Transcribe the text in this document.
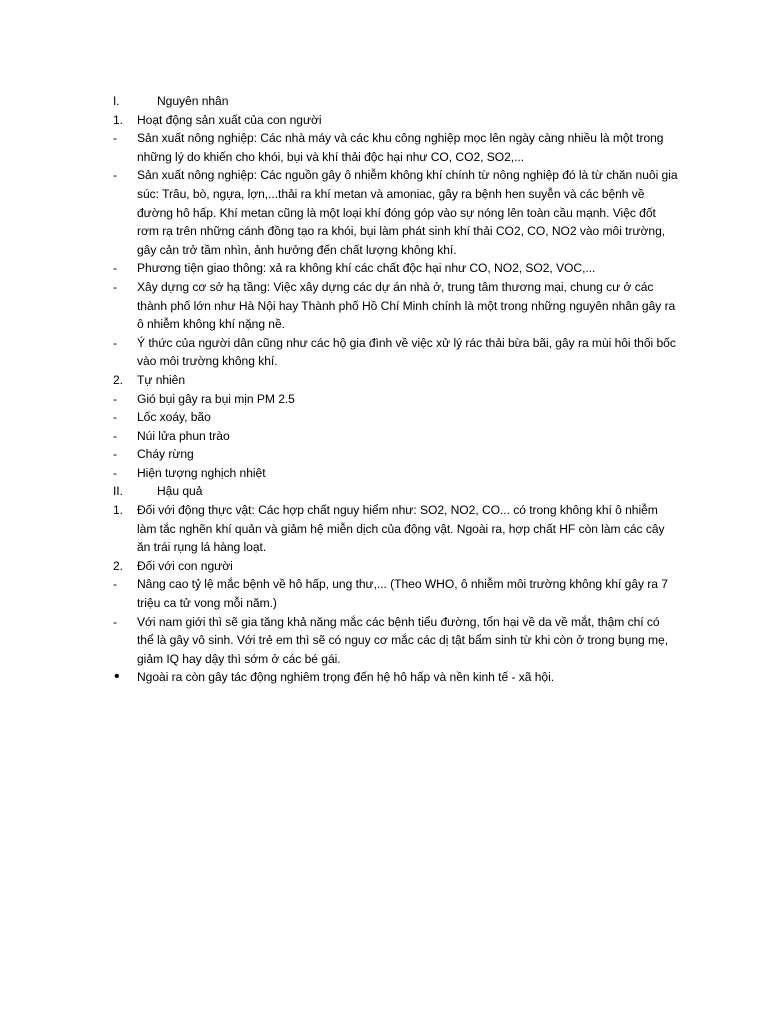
I.	Nguyên nhân
1.	Hoạt động sản xuất của con người
-	Sản xuất nông nghiệp: Các nhà máy và các khu công nghiệp mọc lên ngày càng nhiều là một trong những lý do khiến cho khói, bụi và khí thải độc hại như CO, CO2, SO2,...
-	Sản xuất nông nghiệp: Các nguồn gây ô nhiễm không khí chính từ nông nghiệp đó là từ chăn nuôi gia súc: Trâu, bò, ngựa, lợn,...thải ra khí metan và amoniac, gây ra bệnh hen suyễn và các bệnh về đường hô hấp. Khí metan cũng là một loại khí đóng góp vào sự nóng lên toàn cầu mạnh. Việc đốt rơm rạ trên những cánh đồng tạo ra khói, bụi làm phát sinh khí thải CO2, CO, NO2 vào môi trường, gây cản trở tầm nhìn, ảnh hưởng đến chất lượng không khí.
-	Phương tiện giao thông: xả ra không khí các chất độc hại như CO, NO2, SO2, VOC,...
-	Xây dựng cơ sở hạ tầng: Việc xây dựng các dự án nhà ở, trung tâm thương mại, chung cư ở các thành phố lớn như Hà Nội hay Thành phố Hồ Chí Minh chính là một trong những nguyên nhân gây ra ô nhiễm không khí nặng nề.
-	Ý thức của người dân cũng như các hộ gia đình về việc xử lý rác thải bừa bãi, gây ra mùi hôi thối bốc vào môi trường không khí.
2.	Tự nhiên
-	Gió bụi gây ra bụi mịn PM 2.5
-	Lốc xoáy, bão
-	Núi lửa phun trào
-	Cháy rừng
-	Hiện tượng nghịch nhiệt
II.	Hậu quả
1.	Đối với động thực vật: Các hợp chất nguy hiểm như: SO2, NO2, CO... có trong không khí ô nhiễm làm tắc nghẽn khí quản và giảm hệ miễn dịch của động vật. Ngoài ra, hợp chất HF còn làm các cây ăn trái rụng lá hàng loạt.
2.	Đối với con người
-	Nâng cao tỷ lệ mắc bệnh về hô hấp, ung thư,... (Theo WHO, ô nhiễm môi trường không khí gây ra 7 triệu ca tử vong mỗi năm.)
-	Với nam giới thì sẽ gia tăng khả năng mắc các bệnh tiểu đường, tổn hại về da về mắt, thậm chí có thể là gây vô sinh. Với trẻ em thì sẽ có nguy cơ mắc các dị tật bẩm sinh từ khi còn ở trong bụng mẹ, giảm IQ hay dậy thì sớm ở các bé gái.
•	Ngoài ra còn gây tác động nghiêm trọng đến hệ hô hấp và nền kinh tế - xã hội.
